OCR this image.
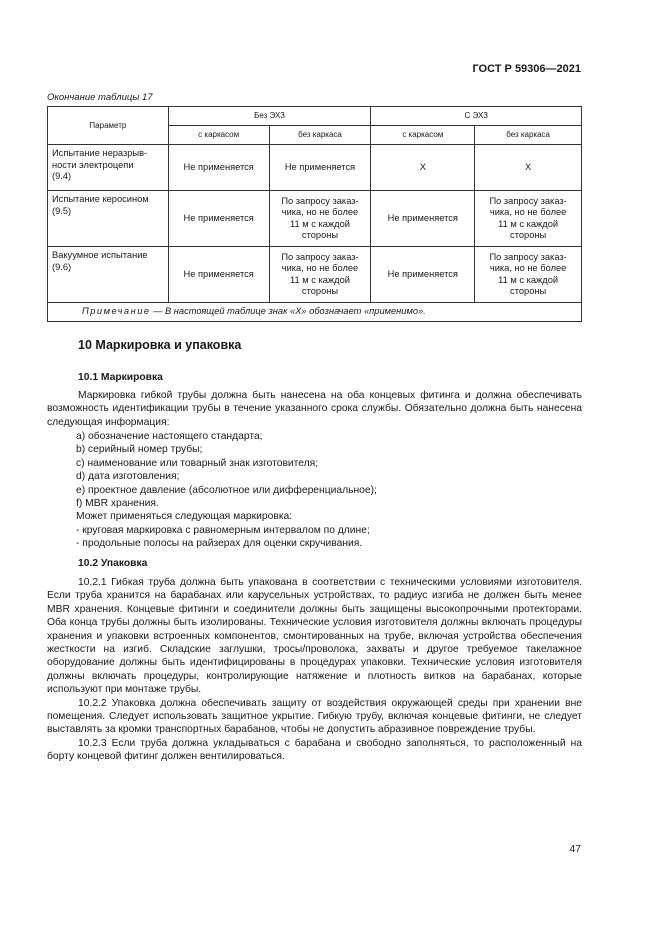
ГОСТ Р 59306—2021
Окончание таблицы 17
Параметр	Без ЭХЗ		С ЭХЗ	
	с каркасом	без каркаса	с каркасом	без каркаса
Испытание неразрыв-
ности электроцепи
(9.4)	Не применяется	Не применяется	Х	Х
Испытание керосином
(9.5)	Не применяется	По запросу заказ-
чика, но не более
11 м с каждой
стороны	Не применяется	По запросу заказ-
чика, но не более
11 м с каждой
стороны
Вакуумное испытание
(9.6)	Не применяется	По запросу заказ-
чика, но не более
11 м с каждой
стороны	Не применяется	По запросу заказ-
чика, но не более
11 м с каждой
стороны
Примечание — В настоящей таблице знак «Х» обозначает «применимо».				
10 Маркировка и упаковка
10.1 Маркировка

Маркировка гибкой трубы должна быть нанесена на оба концевых фитинга и должна обеспечивать возможность идентификации трубы в течение указанного срока службы. Обязательно должна быть нанесена следующая информация:

а) обозначение настоящего стандарта;
b) серийный номер трубы;
c) наименование или товарный знак изготовителя;
d) дата изготовления;
e) проектное давление (абсолютное или дифференциальное);
f) MBR хранения.
Может применяться следующая маркировка:
- круговая маркировка с равномерным интервалом по длине;
- продольные полосы на райзерах для оценки скручивания.
10.2 Упаковка

10.2.1 Гибкая труба должна быть упакована в соответствии с техническими условиями изготовителя. Если труба хранится на барабанах или карусельных устройствах, то радиус изгиба не должен быть менее MBR хранения. Концевые фитинги и соединители должны быть защищены высокопрочными протекторами. Оба конца трубы должны быть изолированы. Технические условия изготовителя должны включать процедуры хранения и упаковки встроенных компонентов, смонтированных на трубе, включая устройства обеспечения жесткости на изгиб. Складские заглушки, тросы/проволока, захваты и другое требуемое такелажное оборудование должны быть идентифицированы в процедурах упаковки. Технические условия изготовителя должны включать процедуры, контролирующие натяжение и плотность витков на барабанах, которые используют при монтаже трубы.

10.2.2 Упаковка должна обеспечивать защиту от воздействия окружающей среды при хранении вне помещения. Следует использовать защитное укрытие. Гибкую трубу, включая концевые фитинги, не следует выставлять за кромки транспортных барабанов, чтобы не допустить абразивное повреждение трубы.

10.2.3 Если труба должна укладываться с барабана и свободно заполняться, то расположенный на борту концевой фитинг должен вентилироваться.

47
